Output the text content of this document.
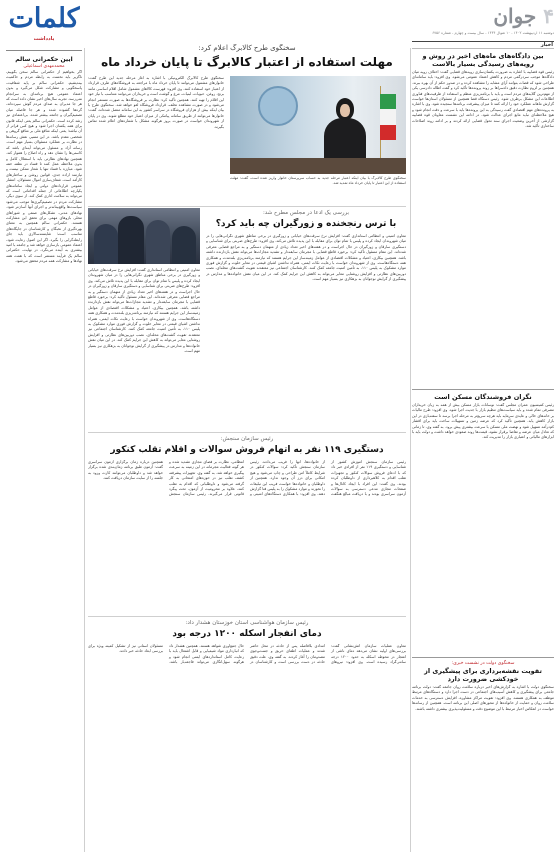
۴ جوان
دوشنبه ۱۱ اردیبهشت ۱۴۰۲ - ۱۰ شوال ۱۴۴۴ - سال بیست و چهارم - شماره ۶۷۵۶
اخبار
کلمات
یادداشت
بین دادگاه‌های ماه‌های اخیر در روش و رویه‌های رسیدگی بسیار بالاست
رئیس قوه قضاییه با اشاره به ضرورت یکسان‌سازی رویه‌های قضایی گفت: اختلاف رویه میان دادگاه‌ها موجب سردرگمی مردم و کاهش اعتماد عمومی می‌شود. وی افزود: باید سامانه‌ای طراحی شود که قضات بتوانند آرای مشابه را مشاهده کرده و در صدور حکم از آن بهره ببرند. همچنین بر لزوم نظارت دقیق دادسراها بر روند پرونده‌ها تأکید کرد و گفت اطاله دادرسی یکی از مهم‌ترین گلایه‌های مردم است و باید با برنامه‌ریزی منظم و استفاده از ظرفیت‌های فناوری اطلاعات این مشکل برطرف شود. رئیس دستگاه قضا همچنین از مسئولان استان‌ها خواست گزارش ماهانه عملکرد خود را ارائه کنند تا میزان پیشرفت برنامه‌ها سنجیده شود. وی با اشاره به پرونده‌های مهم اقتصادی گفت رسیدگی به این پرونده‌ها باید با سرعت و دقت انجام شود و هیچ ملاحظه‌ای نباید مانع اجرای عدالت شود. در ادامه این نشست معاونان قوه قضاییه گزارشی از آخرین وضعیت اجرای سند تحول قضایی ارائه کردند و بر ادامه روند اصلاحات ساختاری تأکید شد.
نگران فروشندگان مسکن است
رئیس کمیسیون عمران مجلس گفت: نوسانات بازار مسکن بیش از همه به زیان خریداران مصرفی تمام شده و باید سیاست‌های تنظیم بازار با جدیت اجرا شود. وی افزود: طرح مالیات بر خانه‌های خالی و عایدی سرمایه باید هرچه سریع‌تر به مرحله اجرا برسد تا سفته‌بازی در این بازار کاهش یابد. همچنین تأکید کرد که عرضه زمین و تسهیلات ساخت باید برای اقشار کم‌درآمد تسهیل شود و نهضت ملی مسکن با سرعت بیشتری پیش برود. به گفته وی، تا زمانی که تعادل میان عرضه و تقاضا برقرار نشود، قیمت‌ها روند صعودی خواهد داشت و دولت باید با ابزارهای مالیاتی و اعتباری بازار را مدیریت کند.
سخنگوی دولت در نشست خبری:
تقویت نقشه‌برداری برای پیشگیری از خودکشی ضرورت دارد
سخنگوی دولت با اشاره به گزارش‌های اخیر درباره سلامت روان جامعه گفت: دولت برنامه جامعی برای پیشگیری و کاهش آسیب‌های اجتماعی در دست اجرا دارد و دستگاه‌های مرتبط موظف به همکاری هستند. وی افزود: تقویت مراکز مشاوره، افزایش دسترسی به خدمات سلامت روان و حمایت از خانواده‌ها از محورهای اصلی این برنامه است. همچنین از رسانه‌ها خواست در انعکاس اخبار مرتبط با این موضوع دقت و مسئولیت‌پذیری بیشتری داشته باشند.
سخنگوی طرح کالابرگ اعلام کرد:
مهلت استفاده از اعتبار کالابرگ تا پایان خرداد ماه
سخنگوی طرح کالابرگ با بیان اینکه اعتبار مرحله جدید به حساب سرپرستان خانوار واریز شده است، گفت: مهلت استفاده از این اعتبار تا پایان خرداد ماه تمدید شد.
سخنگوی طرح کالابرگ الکترونیکی با اشاره به آغاز مرحله جدید این طرح گفت: خانوارهای مشمول می‌توانند تا پایان خرداد ماه با مراجعه به فروشگاه‌های طرف قرارداد از اعتبار خود استفاده کنند. وی افزود: فهرست کالاهای مشمول شامل اقلام اساسی مانند برنج، روغن، حبوبات، لبنیات، مرغ و گوشت است و خریداران می‌توانند متناسب با نیاز خود این اقلام را تهیه کنند. همچنین تأکید کرد: نظارت بر فروشگاه‌ها به صورت مستمر انجام می‌شود و در صورت مشاهده تخلف، قرارداد فروشگاه لغو خواهد شد. سخنگوی طرح با بیان اینکه بیش از هزاران فروشگاه در سراسر کشور به این سامانه متصل شده‌اند، گفت: خانوارها می‌توانند از طریق سامانه پیامکی از میزان اعتبار خود مطلع شوند. وی در پایان از شهروندان خواست در صورت بروز هرگونه مشکل با شماره‌های اعلام شده تماس بگیرند.
بررسی یک ادعا در مجلس مطرح شد:
با ترس رنجخنده و زورگیران چه باید کرد؟
معاون امنیتی و انتظامی استانداری گفت: افزایش نرخ سرقت‌های خیابانی و زورگیری در برخی مناطق شهری نگرانی‌هایی را در میان شهروندان ایجاد کرده و پلیس با تمام توان برای مقابله با این پدیده تلاش می‌کند. وی افزود: طرح‌های ضربتی برای شناسایی و دستگیری سارقان و زورگیران در حال اجراست و در هفته‌های اخیر تعداد زیادی از متهمان دستگیر و به مراجع قضایی معرفی شده‌اند. این مقام مسئول تأکید کرد: برخورد قاطع قضایی با مجرمان سابقه‌دار و تشدید مجازات‌ها می‌تواند نقش بازدارنده داشته باشد. همچنین بیکاری، اعتیاد و مشکلات اقتصادی از عوامل زمینه‌ساز این جرایم هستند که نیازمند برنامه‌ریزی بلندمدت و همکاری همه دستگاه‌هاست. وی از شهروندان خواست با رعایت نکات ایمنی، همراه نداشتن اشیای قیمتی در معابر خلوت و گزارش فوری موارد مشکوک به پلیس ۱۱۰، به تأمین امنیت جامعه کمک کنند. کارشناسان اجتماعی نیز معتقدند تقویت گشت‌های محله‌ای، نصب دوربین‌های نظارتی و افزایش روشنایی معابر می‌تواند به کاهش این جرایم کمک کند. در این میان نقش خانواده‌ها و مدارس در پیشگیری از گرایش نوجوانان به بزهکاری نیز بسیار مهم است.
معاون امنیتی و انتظامی استانداری گفت: افزایش نرخ سرقت‌های خیابانی و زورگیری در برخی مناطق شهری نگرانی‌هایی را در میان شهروندان ایجاد کرده و پلیس با تمام توان برای مقابله با این پدیده تلاش می‌کند. وی افزود: طرح‌های ضربتی برای شناسایی و دستگیری سارقان و زورگیران در حال اجراست و در هفته‌های اخیر تعداد زیادی از متهمان دستگیر و به مراجع قضایی معرفی شده‌اند. این مقام مسئول تأکید کرد: برخورد قاطع قضایی با مجرمان سابقه‌دار و تشدید مجازات‌ها می‌تواند نقش بازدارنده داشته باشد. همچنین بیکاری، اعتیاد و مشکلات اقتصادی از عوامل زمینه‌ساز این جرایم هستند که نیازمند برنامه‌ریزی بلندمدت و همکاری همه دستگاه‌هاست. وی از شهروندان خواست با رعایت نکات ایمنی، همراه نداشتن اشیای قیمتی در معابر خلوت و گزارش فوری موارد مشکوک به پلیس ۱۱۰، به تأمین امنیت جامعه کمک کنند. کارشناسان اجتماعی نیز معتقدند تقویت گشت‌های محله‌ای، نصب دوربین‌های نظارتی و افزایش روشنایی معابر می‌تواند به کاهش این جرایم کمک کند. در این میان نقش خانواده‌ها و مدارس در پیشگیری از گرایش نوجوانان به بزهکاری نیز بسیار مهم است.
رئیس سازمان سنجش:
دستگیری ۱۱۹ نفر به اتهام فروش سوالات و اقلام تقلب کنکور
رئیس سازمان سنجش آموزش کشور از شناسایی و دستگیری ۱۱۹ نفر از افرادی خبر داد که با ادعای فروش سوالات کنکور و تجهیزات تقلب اقدام به کلاهبرداری از داوطلبان کرده بودند. وی گفت: این افراد با ایجاد کانال‌ها و صفحات مجازی مدعی دسترسی به سوالات آزمون سراسری بودند و با دریافت مبالغ هنگفت از خانواده‌ها، آنها را فریب می‌دادند. رئیس سازمان سنجش تأکید کرد: سوالات کنکور در شرایط کاملاً امن طراحی و چاپ می‌شود و هیچ امکانی برای درز آن وجود ندارد. همچنین از داوطلبان و خانواده‌ها خواست فریب این تبلیغات را نخورند و موارد مشکوک را به پلیس فتا گزارش دهند. وی افزود: با همکاری دستگاه‌های امنیتی و انتظامی، نظارت بر فضای مجازی تشدید شده و هر گونه فعالیت مجرمانه در این زمینه به سرعت پیگیری خواهد شد. به گفته وی، تجهیزات پیشرفته کشف تقلب نیز در حوزه‌های امتحانی به کار گرفته می‌شود و داوطلبانی که اقدام به تقلب کنند، علاوه بر محرومیت از آزمون، تحت پیگرد قانونی قرار می‌گیرند. رئیس سازمان سنجش همچنین درباره زمان برگزاری آزمون سراسری گفت: آزمون طبق برنامه زمان‌بندی شده برگزار خواهد شد و داوطلبان می‌توانند کارت ورود به جلسه را از سایت سازمان دریافت کنند.
رئیس سازمان هواشناسی استان خوزستان هشدار داد:
دمای انفجار اسکله ۱۲۰۰ درجه بود
معاون عملیات سازمان آتش‌نشانی گفت: بررسی‌های اولیه نشان می‌دهد دمای ناشی از انفجار در محوطه اسکله به حدود ۱۲۰۰ درجه سانتی‌گراد رسیده است. وی افزود: نیروهای امدادی بلافاصله پس از حادثه در محل حاضر شدند و عملیات اطفای حریق و جست‌وجوی مصدومان را آغاز کردند. به گفته وی، علت دقیق حادثه در دست بررسی است و کارشناسان در حال جمع‌آوری شواهد هستند. همچنین هشدار داد که انبارداری مواد شیمیایی و قابل اشتعال باید با رعایت کامل استانداردهای ایمنی انجام شود و هرگونه سهل‌انگاری می‌تواند فاجعه‌بار باشد. مسئولان استانی نیز از تشکیل کمیته ویژه برای بررسی ابعاد حادثه خبر دادند.
آیین حکمرانی سالم
محمدمهدی اسماعیلی
اگر بخواهیم از حکمرانی سالم سخن بگوییم، ناگزیر باید نخست به رابطه مردم و حاکمیت بیندیشیم. حکمرانی سالم بر پایه شفافیت، پاسخگویی و مشارکت شکل می‌گیرد و بدون اعتماد عمومی هیچ برنامه‌ای به سرانجام نمی‌رسد. تجربه سال‌های اخیر نشان داده است که هر جا مدیران به صدای مردم گوش سپرده‌اند، گره‌ها گشوده شده و هر جا فاصله میان تصمیم‌گیران و جامعه بیشتر شده، بی‌اعتمادی نیز رشد کرده است. حکمرانی سالم یعنی اینکه قانون برای همه یکسان اجرا شود و هیچ کس فراتر از آن نباشد؛ یعنی اینکه منافع ملی بر منافع گروهی و شخصی مقدم باشد. در این مسیر، نقش رسانه‌ها در نظارت بر عملکرد مسئولان بسیار مهم است. رسانه آزاد و مسئول می‌تواند آینه‌ای باشد که کاستی‌ها را نشان دهد و راه اصلاح را هموار کند. همچنین نهادهای نظارتی باید با استقلال کامل و بدون ملاحظه عمل کنند تا فساد در نطفه خفه شود. مبارزه با فساد تنها با شعار ممکن نیست و نیازمند اراده جدی، قوانین روشن و ساختارهای کارآمد است. شفاف‌سازی اموال مسئولان، انتشار عمومی قراردادهای دولتی و ایجاد سامانه‌های یکپارچه اطلاعاتی از جمله اقداماتی است که می‌تواند به سلامت اداری کمک کند. از سوی دیگر، مشارکت مردم در تصمیم‌گیری‌ها موجب می‌شود سیاست‌ها واقع‌بینانه‌تر و اجرای آنها آسان‌تر شود. نهادهای مدنی، تشکل‌های صنفی و شوراهای محلی بازوهای مهمی برای تحقق این مشارکت هستند. حکمرانی سالم همچنین به معنای بهره‌گیری از نخبگان و کارشناسان در جایگاه‌های مناسب است؛ شایسته‌سالاری باید جای رابطه‌گرایی را بگیرد. اگر این اصول رعایت شود، اعتماد عمومی بازسازی خواهد شد و جامعه با امید بیشتری به آینده می‌نگرد. در نهایت، حکمرانی سالم یک فرآیند مستمر است که با همت همه نهادها و مشارکت همه مردم محقق می‌شود.
